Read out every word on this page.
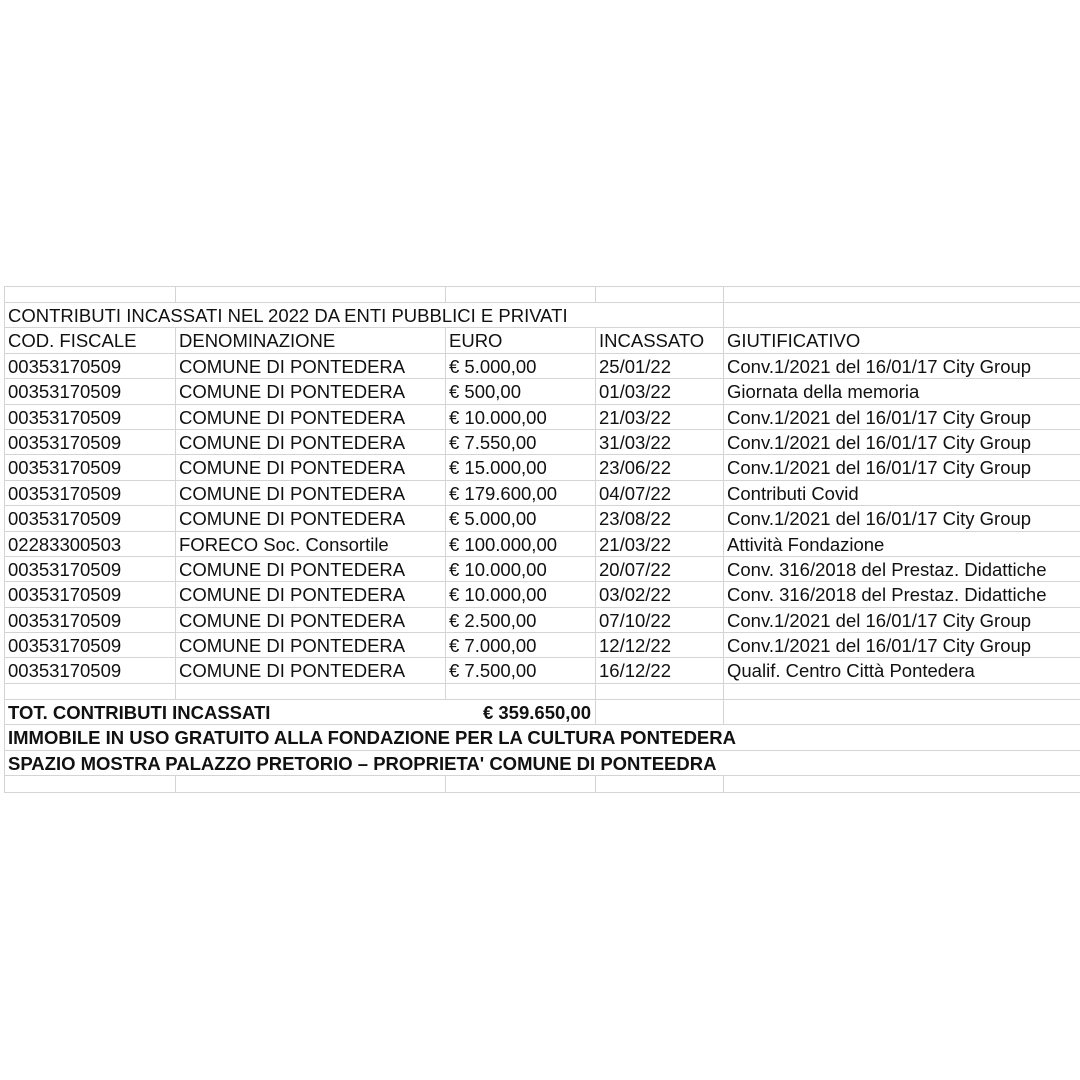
CONTRIBUTI INCASSATI NEL 2022 DA ENTI PUBBLICI E PRIVATI
COD. FISCALE	DENOMINAZIONE	EURO	INCASSATO	GIUTIFICATIVO
00353170509	COMUNE DI PONTEDERA	€ 5.000,00	25/01/22	Conv.1/2021 del 16/01/17 City Group
00353170509	COMUNE DI PONTEDERA	€ 500,00	01/03/22	Giornata della memoria
00353170509	COMUNE DI PONTEDERA	€ 10.000,00	21/03/22	Conv.1/2021 del 16/01/17 City Group
00353170509	COMUNE DI PONTEDERA	€ 7.550,00	31/03/22	Conv.1/2021 del 16/01/17 City Group
00353170509	COMUNE DI PONTEDERA	€ 15.000,00	23/06/22	Conv.1/2021 del 16/01/17 City Group
00353170509	COMUNE DI PONTEDERA	€ 179.600,00	04/07/22	Contributi Covid
00353170509	COMUNE DI PONTEDERA	€ 5.000,00	23/08/22	Conv.1/2021 del 16/01/17 City Group
02283300503	FORECO Soc. Consortile	€ 100.000,00	21/03/22	Attività Fondazione
00353170509	COMUNE DI PONTEDERA	€ 10.000,00	20/07/22	Conv. 316/2018 del Prestaz. Didattiche
00353170509	COMUNE DI PONTEDERA	€ 10.000,00	03/02/22	Conv. 316/2018 del Prestaz. Didattiche
00353170509	COMUNE DI PONTEDERA	€ 2.500,00	07/10/22	Conv.1/2021 del 16/01/17 City Group
00353170509	COMUNE DI PONTEDERA	€ 7.000,00	12/12/22	Conv.1/2021 del 16/01/17 City Group
00353170509	COMUNE DI PONTEDERA	€ 7.500,00	16/12/22	Qualif. Centro Città Pontedera
TOT. CONTRIBUTI INCASSATI	€ 359.650,00
IMMOBILE IN USO GRATUITO ALLA FONDAZIONE PER LA CULTURA PONTEDERA
SPAZIO MOSTRA PALAZZO PRETORIO – PROPRIETA' COMUNE DI PONTEEDRA
